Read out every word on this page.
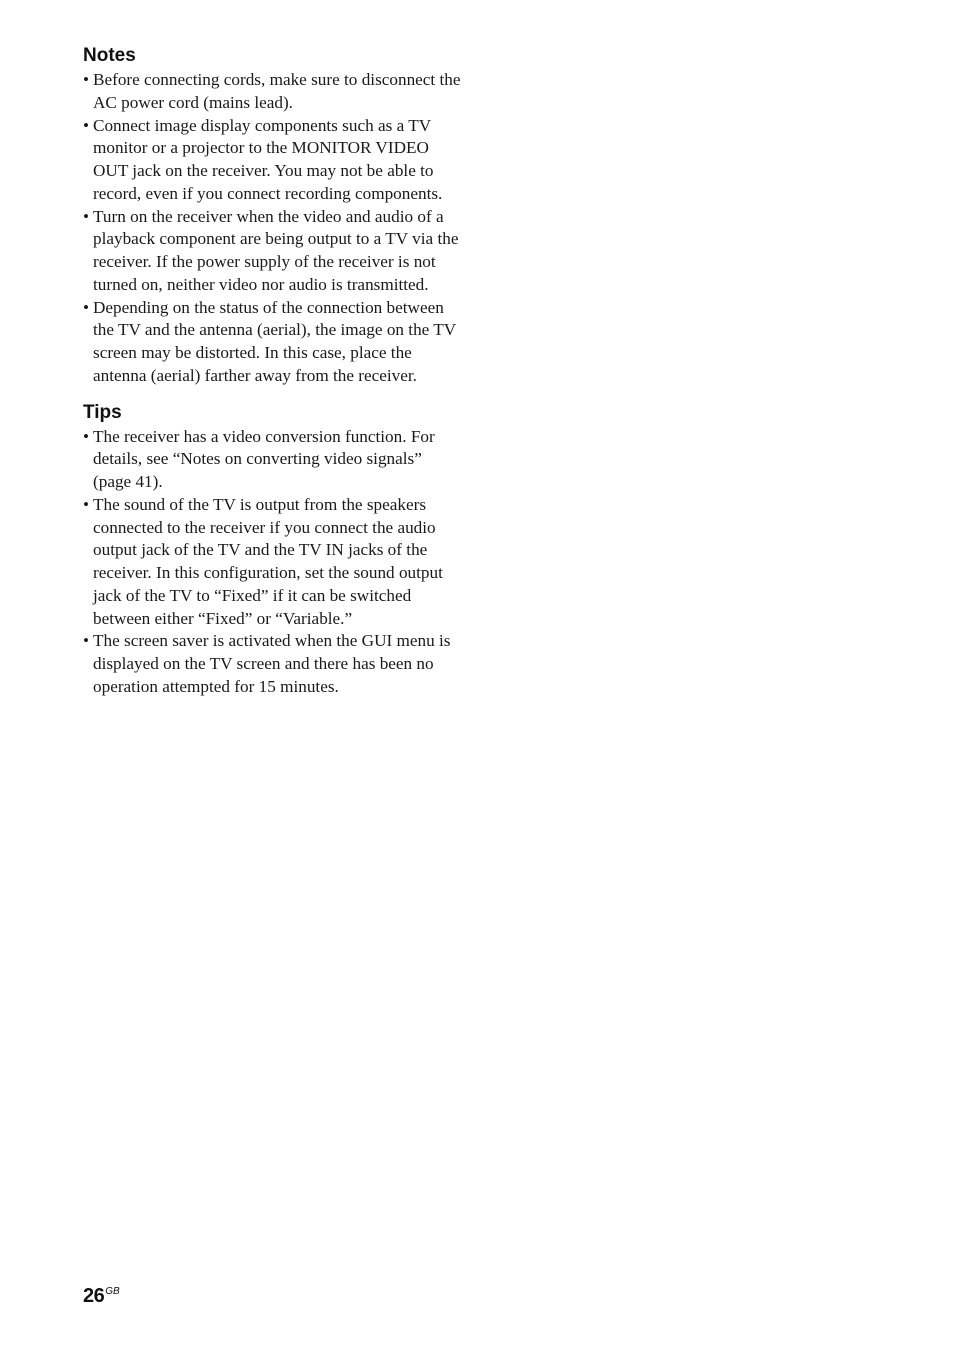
Notes
• Before connecting cords, make sure to disconnect the AC power cord (mains lead).
• Connect image display components such as a TV monitor or a projector to the MONITOR VIDEO OUT jack on the receiver. You may not be able to record, even if you connect recording components.
• Turn on the receiver when the video and audio of a playback component are being output to a TV via the receiver. If the power supply of the receiver is not turned on, neither video nor audio is transmitted.
• Depending on the status of the connection between the TV and the antenna (aerial), the image on the TV screen may be distorted. In this case, place the antenna (aerial) farther away from the receiver.
Tips
• The receiver has a video conversion function. For details, see “Notes on converting video signals” (page 41).
• The sound of the TV is output from the speakers connected to the receiver if you connect the audio output jack of the TV and the TV IN jacks of the receiver. In this configuration, set the sound output jack of the TV to “Fixed” if it can be switched between either “Fixed” or “Variable.”
• The screen saver is activated when the GUI menu is displayed on the TV screen and there has been no operation attempted for 15 minutes.
$26^{GB}$
